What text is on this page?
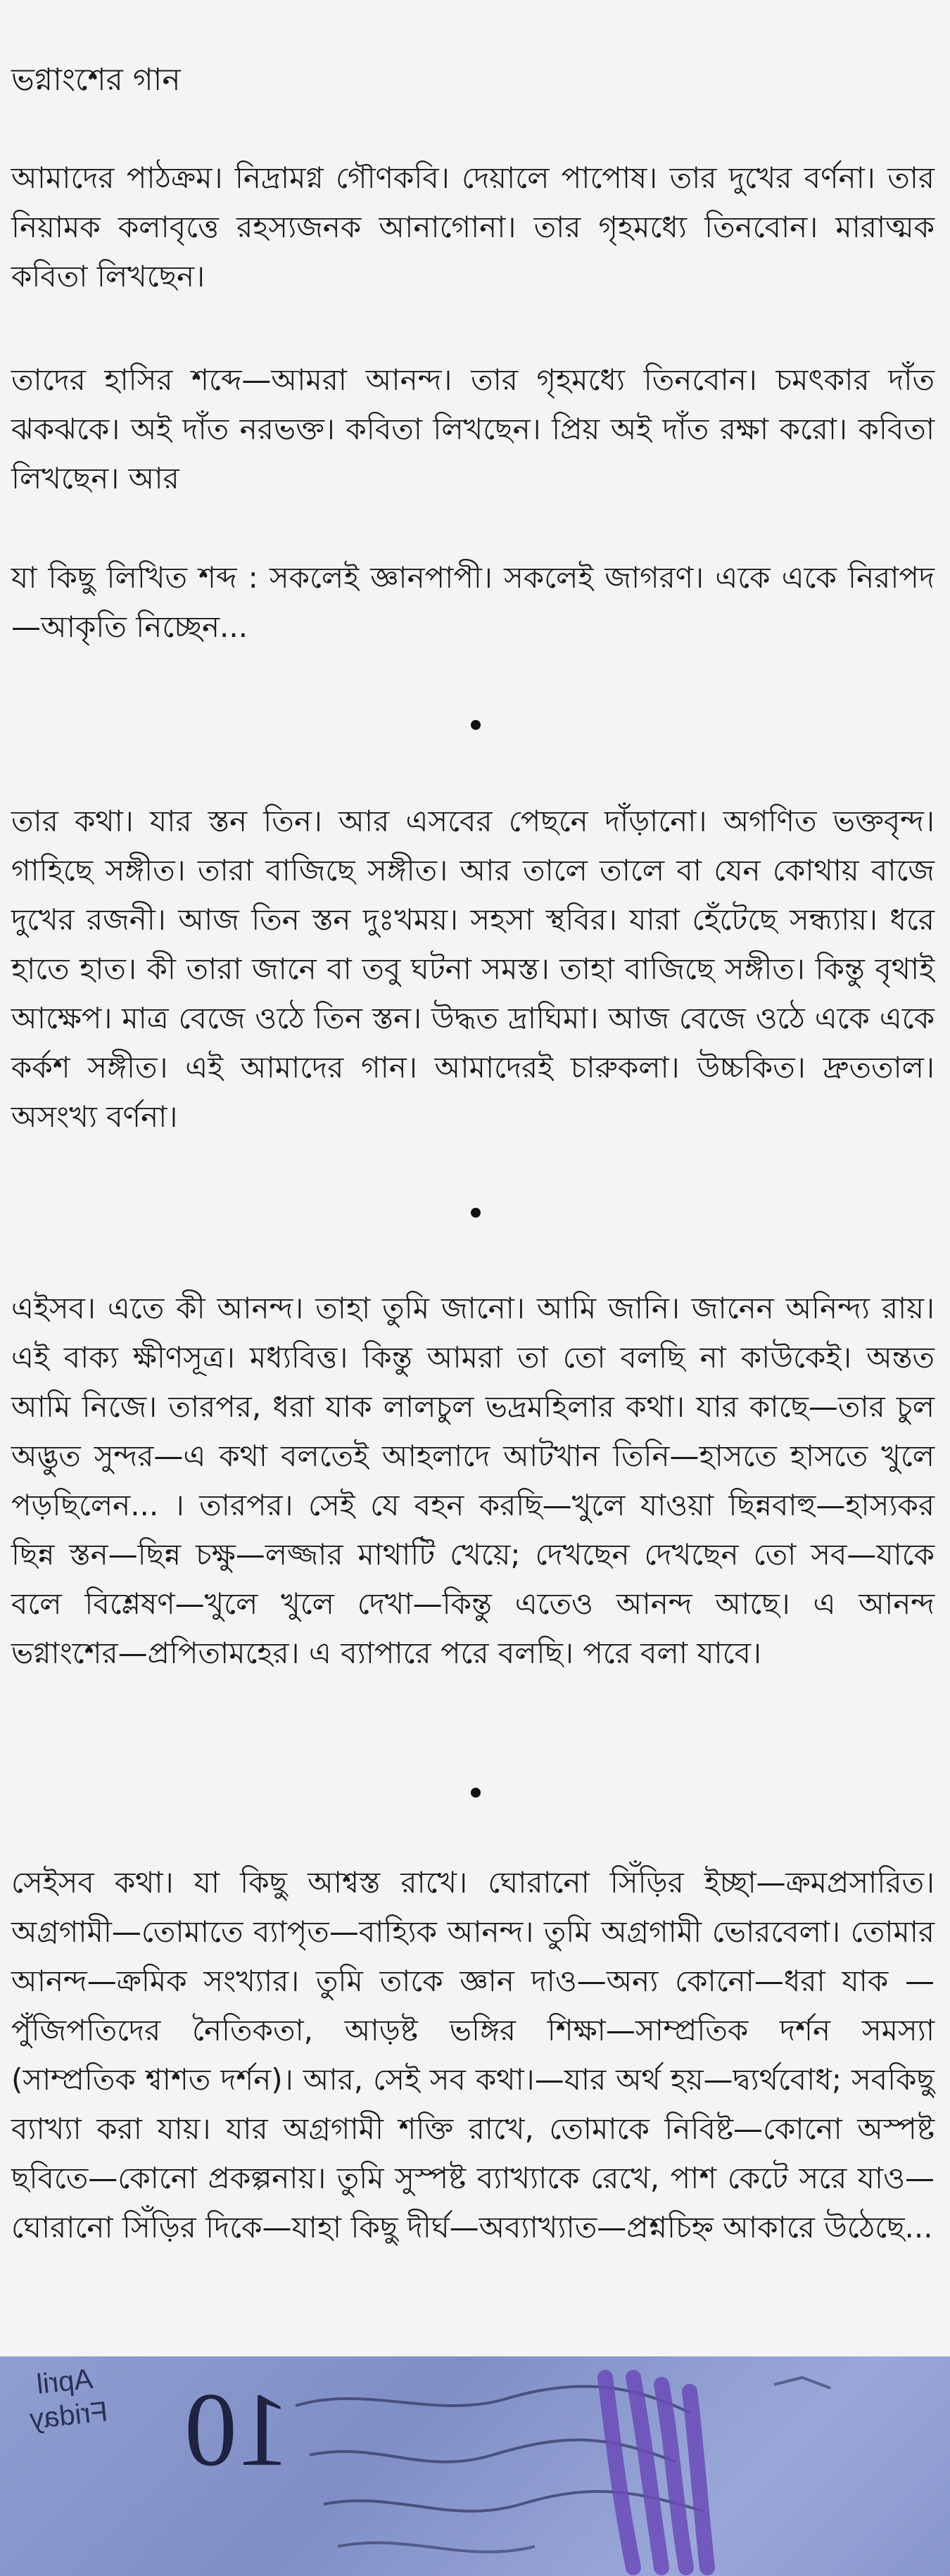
ভগ্নাংশের গান

আমাদের পাঠক্রম। নিদ্রামগ্ন গৌণকবি। দেয়ালে পাপোষ। তার দুখের বর্ণনা। তার নিয়ামক কলাবৃত্তে রহস্যজনক আনাগোনা। তার গৃহমধ্যে তিনবোন। মারাত্মক কবিতা লিখছেন।

তাদের হাসির শব্দে—আমরা আনন্দ। তার গৃহমধ্যে তিনবোন। চমৎকার দাঁত ঝকঝকে। অই দাঁত নরভক্ত। কবিতা লিখছেন। প্রিয় অই দাঁত রক্ষা করো। কবিতা লিখছেন। আর

যা কিছু লিখিত শব্দ : সকলেই জ্ঞানপাপী। সকলেই জাগরণ। একে একে নিরাপদ—আকৃতি নিচ্ছেন...

তার কথা। যার স্তন তিন। আর এসবের পেছনে দাঁড়ানো। অগণিত ভক্তবৃন্দ। গাহিছে সঙ্গীত। তারা বাজিছে সঙ্গীত। আর তালে তালে বা যেন কোথায় বাজে দুখের রজনী। আজ তিন স্তন দুঃখময়। সহসা স্থবির। যারা হেঁটেছে সন্ধ্যায়। ধরে হাতে হাত। কী তারা জানে বা তবু ঘটনা সমস্ত। তাহা বাজিছে সঙ্গীত। কিন্তু বৃথাই আক্ষেপ। মাত্র বেজে ওঠে তিন স্তন। উদ্ধত দ্রাঘিমা। আজ বেজে ওঠে একে একে কর্কশ সঙ্গীত। এই আমাদের গান। আমাদেরই চারুকলা। উচ্চকিত। দ্রুততাল। অসংখ্য বর্ণনা।

এইসব। এতে কী আনন্দ। তাহা তুমি জানো। আমি জানি। জানেন অনিন্দ্য রায়। এই বাক্য ক্ষীণসূত্র। মধ্যবিত্ত। কিন্তু আমরা তা তো বলছি না কাউকেই। অন্তত আমি নিজে। তারপর, ধরা যাক লালচুল ভদ্রমহিলার কথা। যার কাছে—তার চুল অদ্ভুত সুন্দর—এ কথা বলতেই আহলাদে আটখান তিনি—হাসতে হাসতে খুলে পড়ছিলেন... । তারপর। সেই যে বহন করছি—খুলে যাওয়া ছিন্নবাহু—হাস্যকর ছিন্ন স্তন—ছিন্ন চক্ষু—লজ্জার মাথাটি খেয়ে; দেখছেন দেখছেন তো সব—যাকে বলে বিশ্লেষণ—খুলে খুলে দেখা—কিন্তু এতেও আনন্দ আছে। এ আনন্দ ভগ্নাংশের—প্রপিতামহের। এ ব্যাপারে পরে বলছি। পরে বলা যাবে।

সেইসব কথা। যা কিছু আশ্বস্ত রাখে। ঘোরানো সিঁড়ির ইচ্ছা—ক্রমপ্রসারিত। অগ্রগামী—তোমাতে ব্যাপৃত—বাহ্যিক আনন্দ। তুমি অগ্রগামী ভোরবেলা। তোমার আনন্দ—ক্রমিক সংখ্যার। তুমি তাকে জ্ঞান দাও—অন্য কোনো—ধরা যাক —পুঁজিপতিদের নৈতিকতা, আড়ষ্ট ভঙ্গির শিক্ষা—সাম্প্রতিক দর্শন সমস্যা (সাম্প্রতিক শ্বাশত দর্শন)। আর, সেই সব কথা।—যার অর্থ হয়—দ্ব্যর্থবোধ; সবকিছু ব্যাখ্যা করা যায়। যার অগ্রগামী শক্তি রাখে, তোমাকে নিবিষ্ট—কোনো অস্পষ্ট ছবিতে—কোনো প্রকল্পনায়। তুমি সুস্পষ্ট ব্যাখ্যাকে রেখে, পাশ কেটে সরে যাও—ঘোরানো সিঁড়ির দিকে—যাহা কিছু দীর্ঘ—অব্যাখ্যাত—প্রশ্নচিহ্ন আকারে উঠেছে...

April
Friday 10
